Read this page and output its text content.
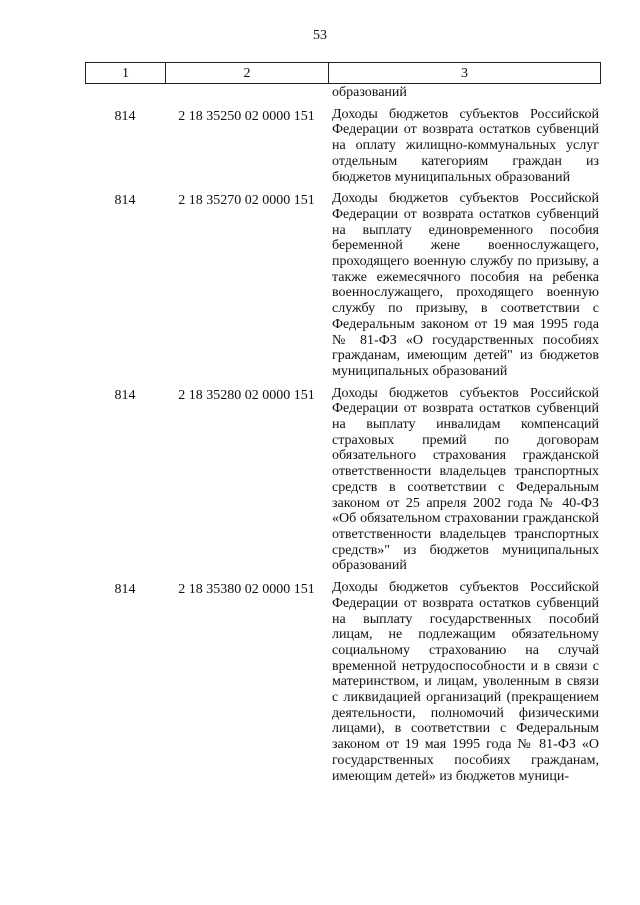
53
1	2	3
образований
814	2 18 35250 02 0000 151	Доходы бюджетов субъектов Российской Федерации от возврата остатков субвенций на оплату жилищно-коммунальных услуг отдельным категориям граждан из бюджетов муниципальных образований
814	2 18 35270 02 0000 151	Доходы бюджетов субъектов Российской Федерации от возврата остатков субвенций на выплату единовременного пособия беременной жене военнослужащего, проходящего военную службу по призыву, а также ежемесячного пособия на ребенка военнослужащего, проходящего военную службу по призыву, в соответствии с Федеральным законом от 19 мая 1995 года № 81-ФЗ «О государственных пособиях гражданам, имеющим детей" из бюджетов муниципальных образований
814	2 18 35280 02 0000 151	Доходы бюджетов субъектов Российской Федерации от возврата остатков субвенций на выплату инвалидам компенсаций страховых премий по договорам обязательного страхования гражданской ответственности владельцев транспортных средств в соответствии с Федеральным законом от 25 апреля 2002 года № 40-ФЗ «Об обязательном страховании гражданской ответственности владельцев транспортных средств»" из бюджетов муниципальных образований
814	2 18 35380 02 0000 151	Доходы бюджетов субъектов Российской Федерации от возврата остатков субвенций на выплату государственных пособий лицам, не подлежащим обязательному социальному страхованию на случай временной нетрудоспособности и в связи с материнством, и лицам, уволенным в связи с ликвидацией организаций (прекращением деятельности, полномочий физическими лицами), в соответствии с Федеральным законом от 19 мая 1995 года № 81-ФЗ «О государственных пособиях гражданам, имеющим детей» из бюджетов муници-
